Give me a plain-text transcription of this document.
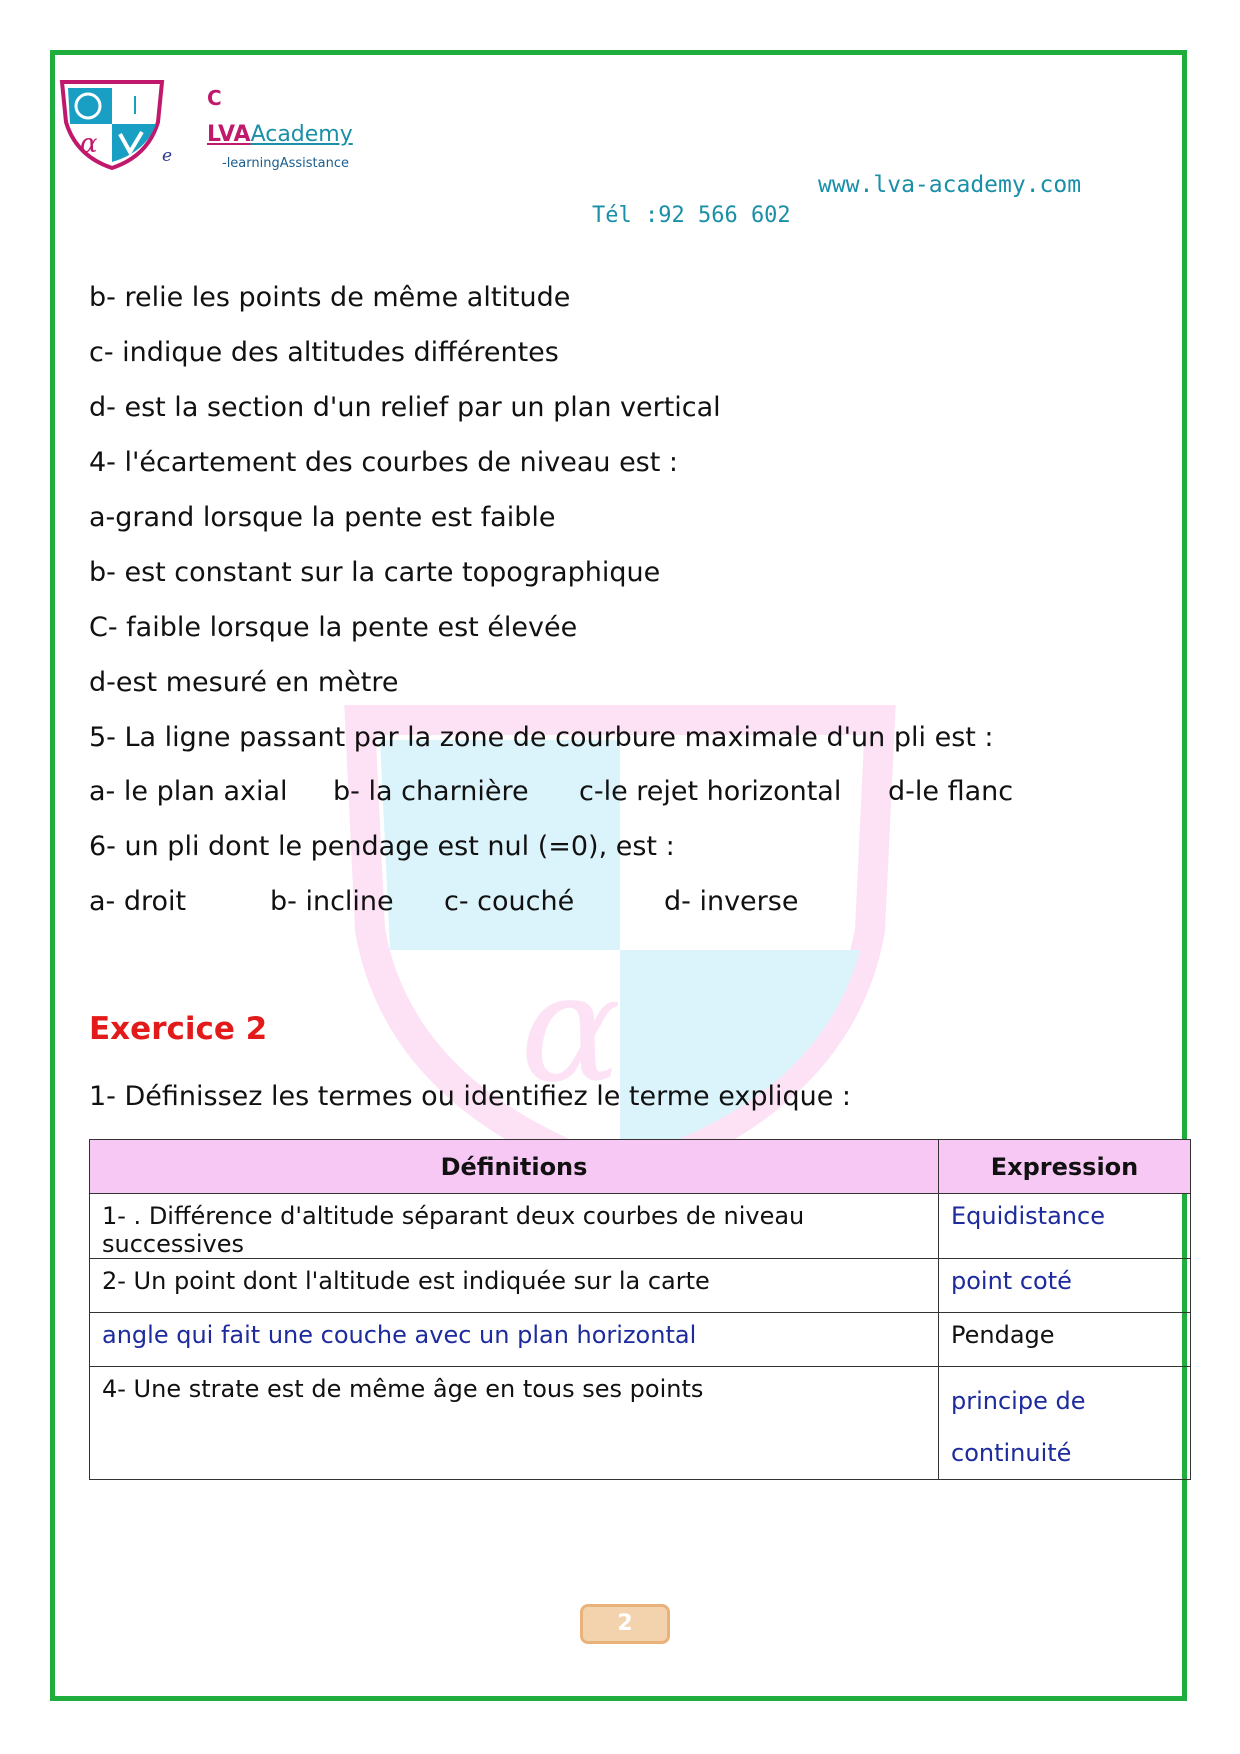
α
α	e
C
LVAAcademy
-learningAssistance
www.lva-academy.com
Tél :92 566 602
b- relie les points de même altitude
c- indique des altitudes différentes
d- est la section d'un relief par un plan vertical
4- l'écartement des courbes de niveau est :
a-grand lorsque la pente est faible
b- est constant sur la carte topographique
C- faible lorsque la pente est élevée
d-est mesuré en mètre
5- La ligne passant par la zone de courbure maximale d'un pli est :
a- le plan axial b- la charnière c-le rejet horizontal d-le flanc
6- un pli dont le pendage est nul (=0), est :
a- droit	b- incline c- couché	d- inverse
Exercice 2
1- Définissez les termes ou identifiez le terme explique :
Définitions	Expression
1- . Différence d'altitude séparant deux courbes de niveau successives	Equidistance
2- Un point dont l'altitude est indiquée sur la carte	point coté
angle qui fait une couche avec un plan horizontal	Pendage
4- Une strate est de même âge en tous ses points	principe de
continuité
2
